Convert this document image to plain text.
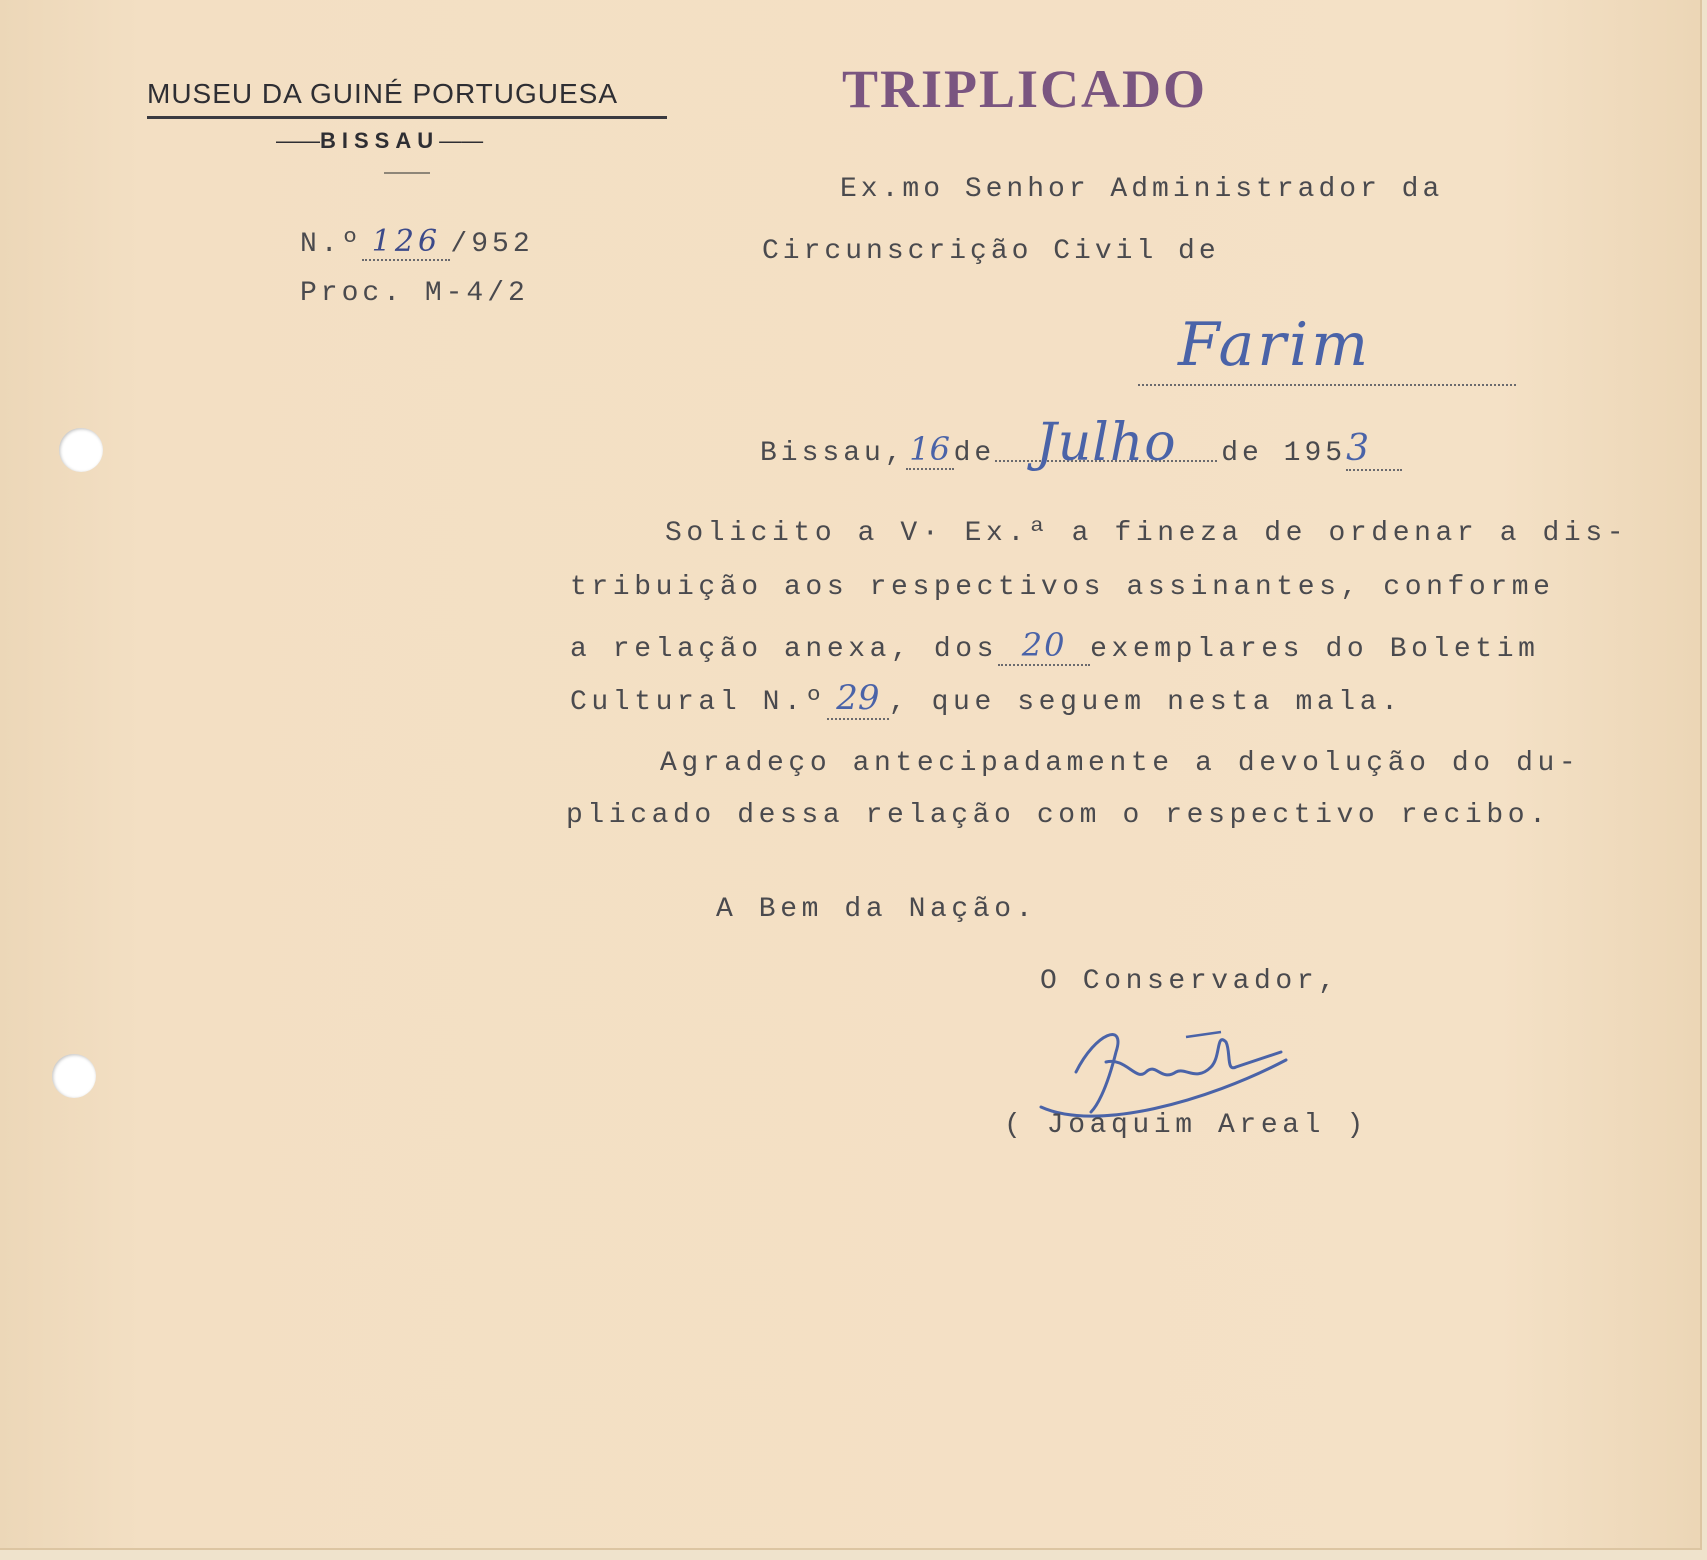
MUSEU DA GUINÉ PORTUGUESA
——BISSAU——
TRIPLICADO
N.º 126 /952
Proc. M-4/2
Ex.mo Senhor Administrador da
Circunscrição Civil de
Farim
Bissau, 16 de Julho de 1953
Solicito a V· Ex.ª a fineza de ordenar a dis-
tribuição aos respectivos assinantes, conforme
a relação anexa, dos 20 exemplares do Boletim
Cultural N.º 29 , que seguem nesta mala.
Agradeço antecipadamente a devolução do du-
plicado dessa relação com o respectivo recibo.
A Bem da Nação.
O Conservador,
( Joaquim Areal )
